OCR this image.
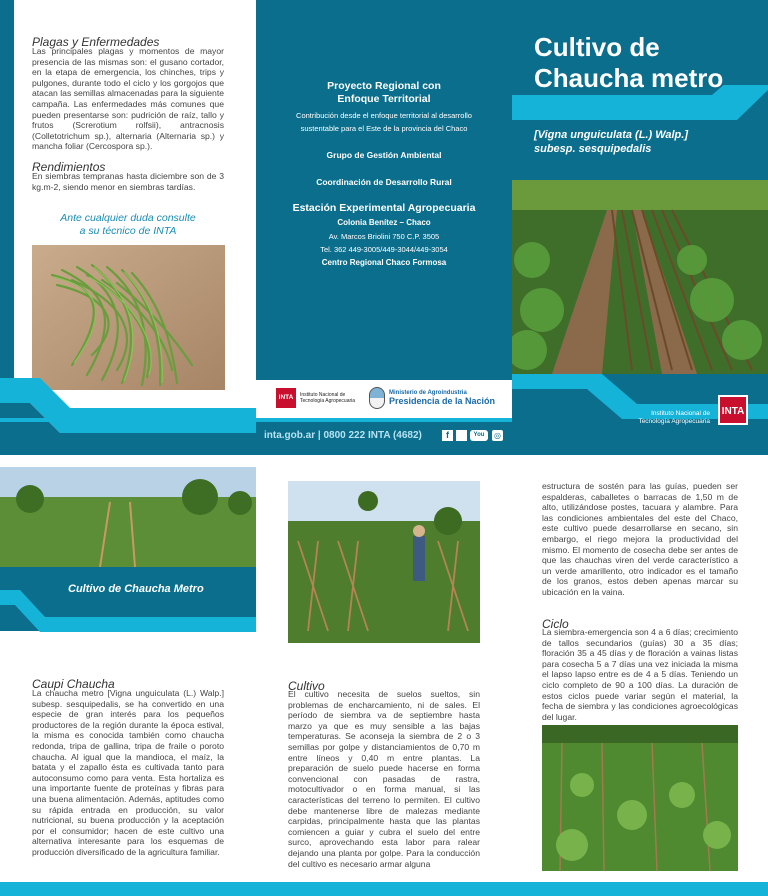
Plagas y Enfermedades
Las principales plagas y momentos de mayor presencia de las mismas son: el gusano cortador, en la etapa de emergencia, los chinches, trips y pulgones, durante todo el ciclo y los gorgojos que atacan las semillas almacenadas para la siguiente campaña. Las enfermedades más comunes que pueden presentarse son: pudrición de raíz, tallo y frutos (Screrotium rolfsii), antracnosis (Colletotrichum sp.), alternaria (Alternaria sp.) y mancha foliar (Cercospora sp.).
Rendimientos
En siembras tempranas hasta diciembre son de 3 kg.m-2, siendo menor en siembras tardías.
Ante cualquier duda consulte
a su técnico de INTA
Proyecto Regional con
Enfoque Territorial
Contribución desde el enfoque territorial al desarrollo
sustentable para el Este de la provincia del Chaco
Grupo de Gestión Ambiental
Coordinación de Desarrollo Rural
Estación Experimental Agropecuaria
Colonia Benítez – Chaco
Av. Marcos Briolini 750 C.P. 3505
Tel. 362 449-3005/449-3044/449-3054
Centro Regional Chaco Formosa
INTA	Instituto Nacional de
Tecnología Agropecuaria
Ministerio de Agroindustria
Presidencia de la Nación
inta.gob.ar | 0800 222 INTA (4682)	f	You	◎
Cultivo de
Chaucha metro
[Vigna unguiculata (L.) Walp.]
subesp. sesquipedalis
Instituto Nacional de
Tecnología Agropecuaria
INTA
Cultivo de Chaucha Metro
Caupi Chaucha
La chaucha metro [Vigna unguiculata (L.) Walp.] subesp. sesquipedalis, se ha convertido en una especie de gran interés para los pequeños productores de la región durante la época estival, la misma es conocida también como chaucha redonda, tripa de gallina, tripa de fraile o poroto chaucha. Al igual que la mandioca, el maíz, la batata y el zapallo ésta es cultivada tanto para autoconsumo como para venta. Esta hortaliza es una importante fuente de proteínas y fibras para una buena alimentación. Además, aptitudes como su rápida entrada en producción, su valor nutricional, su buena producción y la aceptación por el consumidor; hacen de este cultivo una alternativa interesante para los esquemas de producción diversificado de la agricultura familiar.
Cultivo
El cultivo necesita de suelos sueltos, sin problemas de encharcamiento, ni de sales. El período de siembra va de septiembre hasta marzo ya que es muy sensible a las bajas temperaturas. Se aconseja la siembra de 2 o 3 semillas por golpe y distanciamientos de 0,70 m entre líneos y 0,40 m entre plantas. La preparación de suelo puede hacerse en forma convencional con pasadas de rastra, motocultivador o en forma manual, si las características del terreno lo permiten. El cultivo debe mantenerse libre de malezas mediante carpidas, principalmente hasta que las plantas comiencen a guiar y cubra el suelo del entre surco, aprovechando esta labor para ralear dejando una planta por golpe. Para la conducción del cultivo es necesario armar alguna
estructura de sostén para las guías, pueden ser espalderas, caballetes o barracas de 1,50 m de alto, utilizándose postes, tacuara y alambre. Para las condiciones ambientales del este del Chaco, este cultivo puede desarrollarse en secano, sin embargo, el riego mejora la productividad del mismo. El momento de cosecha debe ser antes de que las chauchas viren del verde característico a un verde amarillento, otro indicador es el tamaño de los granos, estos deben apenas marcar su ubicación en la vaina.
Ciclo
La siembra-emergencia son 4 a 6 días; crecimiento de tallos secundarios (guías) 30 a 35 días; floración 35 a 45 días y de floración a vainas listas para cosecha 5 a 7 días una vez iniciada la misma el lapso lapso entre es de 4 a 5 días. Teniendo un ciclo completo de 90 a 100 días. La duración de estos ciclos puede variar según el material, la fecha de siembra y las condiciones agroecológicas del lugar.
